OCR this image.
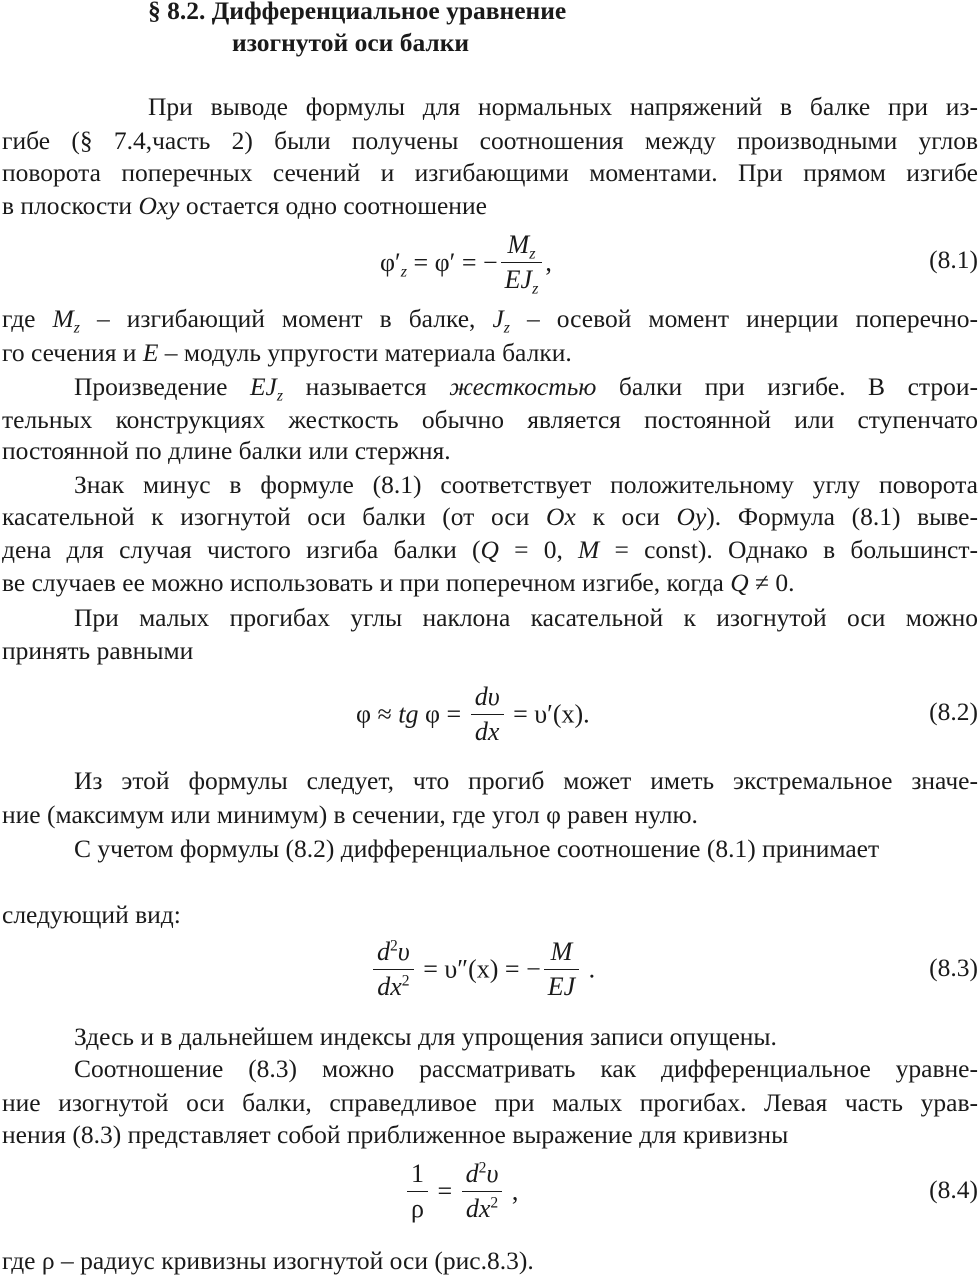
§ 8.2. Дифференциальное уравнение
изогнутой оси балки
При выводе формулы для нормальных напряжений в балке при из-
гибе (§ 7.4,часть 2) были получены соотношения между производными углов
поворота поперечных сечений и изгибающими моментами. При прямом изгибе
в плоскости Oxy остается одно соотношение
$\varphi'_z = \varphi'$ = − $\frac{M_z}{EJ_z}$ ,	(8.1)
где $M_z$ – изгибающий момент в балке, $J_z$ – осевой момент инерции поперечно-
го сечения и E – модуль упругости материала балки.
Произведение $EJ_z$ называется жесткостью балки при изгибе. В строи-
тельных конструкциях жесткость обычно является постоянной или ступенчато
постоянной по длине балки или стержня.
Знак минус в формуле (8.1) соответствует положительному углу поворота
касательной к изогнутой оси балки (от оси Ox к оси Oy). Формула (8.1) выве-
дена для случая чистого изгиба балки (Q = 0, M = const). Однако в большинст-
ве случаев ее можно использовать и при поперечном изгибе, когда Q ≠ 0.
При малых прогибах углы наклона касательной к изогнутой оси можно
принять равными
φ ≈ tg $\varphi = \frac{d\upsilon}{dx} = \upsilon'(x)$.	(8.2)
Из этой формулы следует, что прогиб может иметь экстремальное значе-
ние (максимум или минимум) в сечении, где угол φ равен нулю.
С учетом формулы (8.2) дифференциальное соотношение (8.1) принимает
следующий вид:
$\frac{d^2\upsilon}{dx^2} = \upsilon''(x)$ = − $\frac{M}{EJ}$ .	(8.3)
Здесь и в дальнейшем индексы для упрощения записи опущены.
Соотношение (8.3) можно рассматривать как дифференциальное уравне-
ние изогнутой оси балки, справедливое при малых прогибах. Левая часть урав-
нения (8.3) представляет собой приближенное выражение для кривизны
$\frac{1}{\rho} = \frac{d^2\upsilon}{dx^2}$ ,	(8.4)
где ρ – радиус кривизны изогнутой оси (рис.8.3).
